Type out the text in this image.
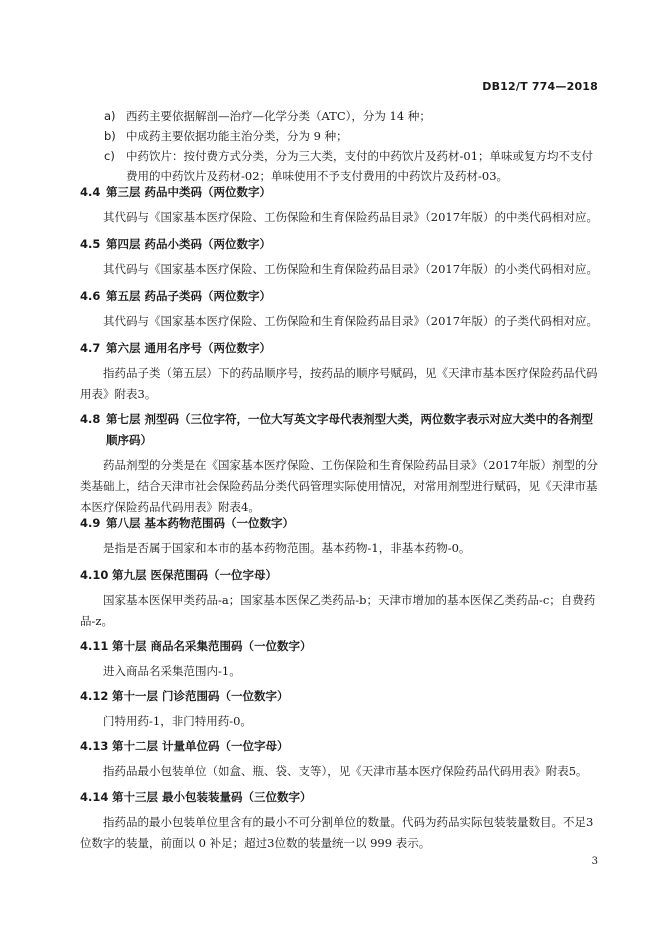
DB12/T 774—2018
a) 西药主要依据解剖—治疗—化学分类（ATC），分为 14 种；
b) 中成药主要依据功能主治分类，分为 9 种；
c) 中药饮片：按付费方式分类，分为三大类，支付的中药饮片及药材-01；单味或复方均不支付费用的中药饮片及药材-02；单味使用不予支付费用的中药饮片及药材-03。
4.4 第三层 药品中类码（两位数字）
其代码与《国家基本医疗保险、工伤保险和生育保险药品目录》（2017年版）的中类代码相对应。
4.5 第四层 药品小类码（两位数字）
其代码与《国家基本医疗保险、工伤保险和生育保险药品目录》（2017年版）的小类代码相对应。
4.6 第五层 药品子类码（两位数字）
其代码与《国家基本医疗保险、工伤保险和生育保险药品目录》（2017年版）的子类代码相对应。
4.7 第六层 通用名序号（两位数字）
指药品子类（第五层）下的药品顺序号，按药品的顺序号赋码，见《天津市基本医疗保险药品代码用表》附表3。
4.8 第七层 剂型码（三位字符，一位大写英文字母代表剂型大类，两位数字表示对应大类中的各剂型顺序码）
药品剂型的分类是在《国家基本医疗保险、工伤保险和生育保险药品目录》（2017年版）剂型的分类基础上，结合天津市社会保险药品分类代码管理实际使用情况，对常用剂型进行赋码，见《天津市基本医疗保险药品代码用表》附表4。
4.9 第八层 基本药物范围码（一位数字）
是指是否属于国家和本市的基本药物范围。基本药物-1，非基本药物-0。
4.10 第九层 医保范围码（一位字母）
国家基本医保甲类药品-a；国家基本医保乙类药品-b；天津市增加的基本医保乙类药品-c；自费药品-z。
4.11 第十层 商品名采集范围码（一位数字）
进入商品名采集范围内-1。
4.12 第十一层 门诊范围码（一位数字）
门特用药-1，非门特用药-0。
4.13 第十二层 计量单位码（一位字母）
指药品最小包装单位（如盒、瓶、袋、支等），见《天津市基本医疗保险药品代码用表》附表5。
4.14 第十三层 最小包装装量码（三位数字）
指药品的最小包装单位里含有的最小不可分割单位的数量。代码为药品实际包装装量数目。不足3位数字的装量，前面以 0 补足；超过3位数的装量统一以 999 表示。
3
